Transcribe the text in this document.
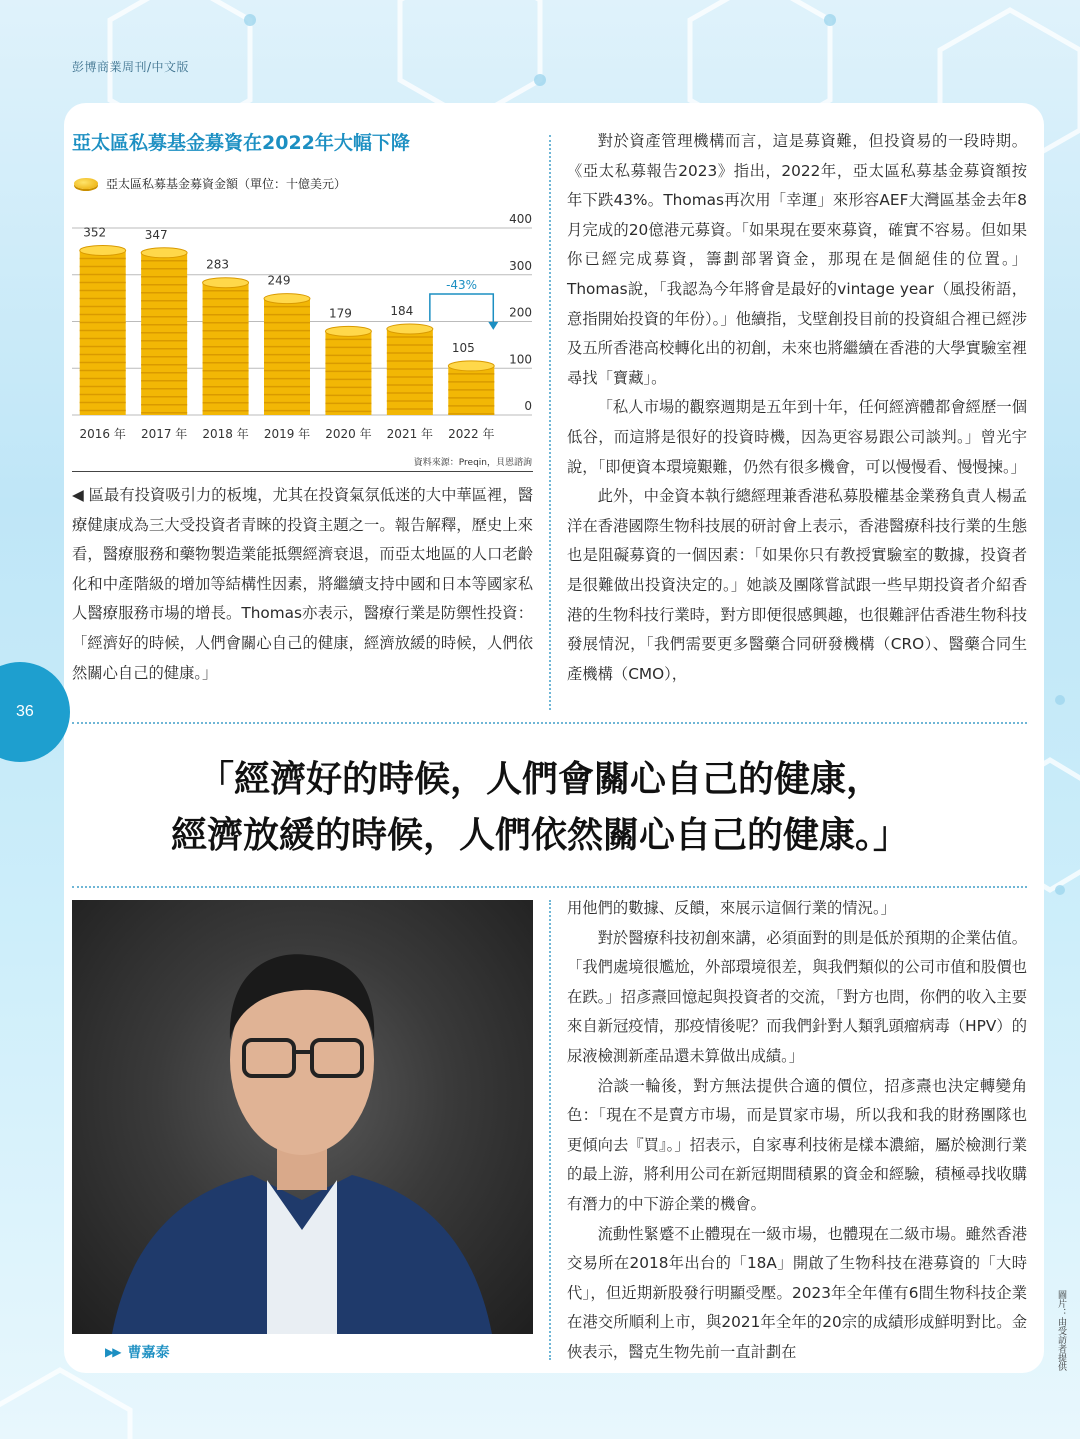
彭博商業周刊/中文版
36
亞太區私募基金募資在2022年大幅下降
亞太區私募基金募資金額（單位：十億美元）
400
300
200
100
0
352
2016 年
347
2017 年
283
2018 年
249
2019 年
179
2020 年
184
2021 年
105
2022 年
-43%
資料來源：Preqin，貝恩諮詢

◀ 區最有投資吸引力的板塊，尤其在投資氣氛低迷的大中華區裡，醫療健康成為三大受投資者青睞的投資主題之一。報告解釋，歷史上來看，醫療服務和藥物製造業能抵禦經濟衰退，而亞太地區的人口老齡化和中產階級的增加等結構性因素，將繼續支持中國和日本等國家私人醫療服務市場的增長。Thomas亦表示，醫療行業是防禦性投資：「經濟好的時候，人們會關心自己的健康，經濟放緩的時候，人們依然關心自己的健康。」

對於資產管理機構而言，這是募資難，但投資易的一段時期。《亞太私募報告2023》指出，2022年，亞太區私募基金募資額按年下跌43%。Thomas再次用「幸運」來形容AEF大灣區基金去年8月完成的20億港元募資。「如果現在要來募資，確實不容易。但如果你已經完成募資，籌劃部署資金，那現在是個絕佳的位置。」Thomas說，「我認為今年將會是最好的vintage year（風投術語，意指開始投資的年份）。」他續指，戈壁創投目前的投資組合裡已經涉及五所香港高校轉化出的初創，未來也將繼續在香港的大學實驗室裡尋找「寶藏」。

「私人市場的觀察週期是五年到十年，任何經濟體都會經歷一個低谷，而這將是很好的投資時機，因為更容易跟公司談判。」曾光宇說，「即便資本環境艱難，仍然有很多機會，可以慢慢看、慢慢揀。」

此外，中金資本執行總經理兼香港私募股權基金業務負責人楊孟洋在香港國際生物科技展的研討會上表示，香港醫療科技行業的生態也是阻礙募資的一個因素：「如果你只有教授實驗室的數據，投資者是很難做出投資決定的。」她談及團隊嘗試跟一些早期投資者介紹香港的生物科技行業時，對方即便很感興趣，也很難評估香港生物科技發展情況，「我們需要更多醫藥合同研發機構（CRO）、醫藥合同生產機構（CMO），

「經濟好的時候，人們會關心自己的健康，
經濟放緩的時候，人們依然關心自己的健康。」
▶▶ 曹嘉泰

用他們的數據、反饋，來展示這個行業的情況。」

對於醫療科技初創來講，必須面對的則是低於預期的企業估值。「我們處境很尷尬，外部環境很差，與我們類似的公司市值和股價也在跌。」招彥燾回憶起與投資者的交流，「對方也問，你們的收入主要來自新冠疫情，那疫情後呢？而我們針對人類乳頭瘤病毒（HPV）的尿液檢測新產品還未算做出成績。」

洽談一輪後，對方無法提供合適的價位，招彥燾也決定轉變角色：「現在不是賣方市場，而是買家市場，所以我和我的財務團隊也更傾向去『買』。」招表示，自家專利技術是樣本濃縮，屬於檢測行業的最上游，將利用公司在新冠期間積累的資金和經驗，積極尋找收購有潛力的中下游企業的機會。

流動性緊蹙不止體現在一級市場，也體現在二級市場。雖然香港交易所在2018年出台的「18A」開啟了生物科技在港募資的「大時代」，但近期新股發行明顯受壓。2023年全年僅有6間生物科技企業在港交所順利上市，與2021年全年的20宗的成績形成鮮明對比。金俠表示，醫克生物先前一直計劃在	圖片：由受訪者提供
